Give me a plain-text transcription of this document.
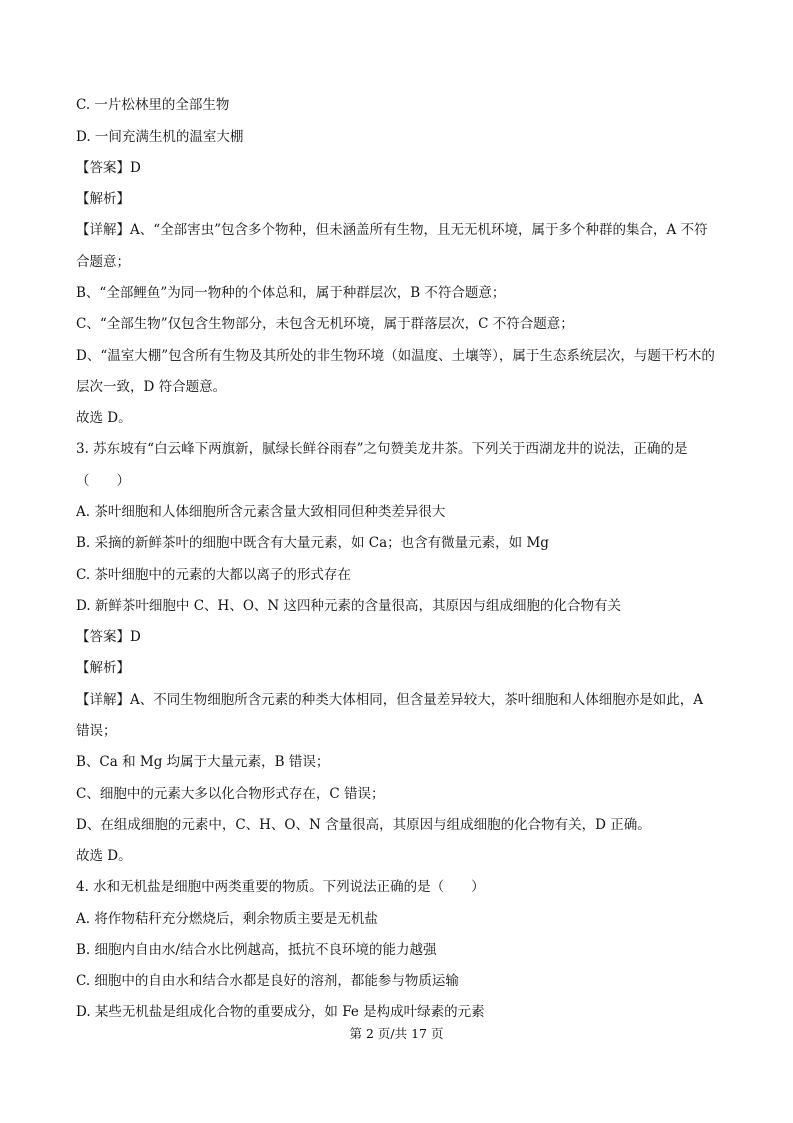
C. 一片松林里的全部生物
D. 一间充满生机的温室大棚
【答案】D
【解析】
【详解】A、“全部害虫”包含多个物种，但未涵盖所有生物，且无无机环境，属于多个种群的集合，A 不符
合题意；
B、“全部鲤鱼”为同一物种的个体总和，属于种群层次，B 不符合题意；
C、“全部生物”仅包含生物部分，未包含无机环境，属于群落层次，C 不符合题意；
D、“温室大棚”包含所有生物及其所处的非生物环境（如温度、土壤等），属于生态系统层次，与题干朽木的
层次一致，D 符合题意。
故选 D。
3. 苏东坡有“白云峰下两旗新，腻绿长鲜谷雨春”之句赞美龙井茶。下列关于西湖龙井的说法，正确的是
（　　）
A. 茶叶细胞和人体细胞所含元素含量大致相同但种类差异很大
B. 采摘的新鲜茶叶的细胞中既含有大量元素，如 Ca；也含有微量元素，如 Mg
C. 茶叶细胞中的元素的大都以离子的形式存在
D. 新鲜茶叶细胞中 C、H、O、N 这四种元素的含量很高，其原因与组成细胞的化合物有关
【答案】D
【解析】
【详解】A、不同生物细胞所含元素的种类大体相同，但含量差异较大，茶叶细胞和人体细胞亦是如此，A
错误；
B、Ca 和 Mg 均属于大量元素，B 错误；
C、细胞中的元素大多以化合物形式存在，C 错误；
D、在组成细胞的元素中，C、H、O、N 含量很高，其原因与组成细胞的化合物有关，D 正确。
故选 D。
4. 水和无机盐是细胞中两类重要的物质。下列说法正确的是（　　）
A. 将作物秸秆充分燃烧后，剩余物质主要是无机盐
B. 细胞内自由水/结合水比例越高，抵抗不良环境的能力越强
C. 细胞中的自由水和结合水都是良好的溶剂，都能参与物质运输
D. 某些无机盐是组成化合物的重要成分，如 Fe 是构成叶绿素的元素
第 2 页/共 17 页
